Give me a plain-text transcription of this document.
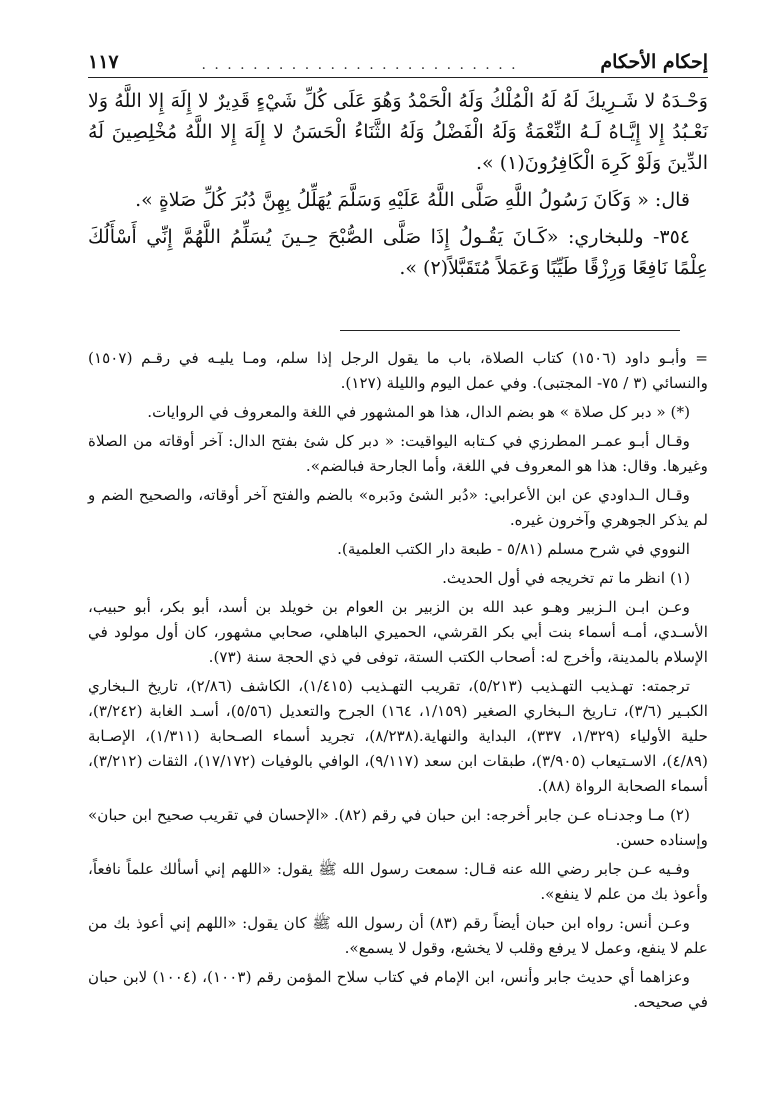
إحكام الأحكام
. . . . . . . . . . . . . . . . . . . . . . . . .
١١٧

وَحْـدَهُ لا شَـرِيكَ لَهُ لَهُ الْمُلْكُ وَلَهُ الْحَمْدُ وَهُوَ عَلَى كُلِّ شَيْءٍ قَدِيرٌ لا إِلَهَ إِلا اللَّهُ وَلا نَعْـبُدُ إِلا إِيَّـاهُ لَـهُ النِّعْمَةُ وَلَهُ الْفَضْلُ وَلَهُ الثَّنَاءُ الْحَسَنُ لا إِلَهَ إِلا اللَّهُ مُخْلِصِينَ لَهُ الدِّينَ وَلَوْ كَرِهَ الْكَافِرُونَ(١) ».

قال: « وَكَانَ رَسُولُ اللَّهِ صَلَّى اللَّهُ عَلَيْهِ وَسَلَّمَ يُهَلِّلُ بِهِنَّ دُبُرَ كُلِّ صَلاةٍ ».

٣٥٤- وللبخاري: «كَـانَ يَقُـولُ إِذَا صَلَّى الصُّبْحَ حِـينَ يُسَلِّمُ اللَّهُمَّ إِنِّي أَسْأَلُكَ عِلْمًا نَافِعًا وَرِزْقًا طَيِّبًا وَعَمَلاً مُتَقَبَّلاً(٢) ».

= وأبـو داود (١٥٠٦) كتاب الصلاة، باب ما يقول الرجل إذا سلم، ومـا يليـه في رقـم (١٥٠٧) والنسائي (٣ / ٧٥- المجتبى). وفي عمل اليوم والليلة (١٢٧).

(*) « دبر كل صلاة » هو بضم الدال، هذا هو المشهور في اللغة والمعروف في الروايات.

وقـال أبـو عمـر المطرزي في كـتابه اليواقيت: « دبر كل شئ بفتح الدال: آخر أوقاته من الصلاة وغيرها. وقال: هذا هو المعروف في اللغة، وأما الجارحة فبالضم».

وقـال الـداودي عن ابن الأعرابي: «دُبر الشئ ودَبره» بالضم والفتح آخر أوقاته، والصحيح الضم و لم يذكر الجوهري وآخرون غيره.

النووي في شرح مسلم (٥/٨١ - طبعة دار الكتب العلمية).

(١) انظر ما تم تخريجه في أول الحديث.

وعـن ابـن الـزبير وهـو عبد الله بن الزبير بن العوام بن خويلد بن أسد، أبو بكر، أبو حبيب، الأسـدي، أمـه أسماء بنت أبي بكر القرشي، الحميري الباهلي، صحابي مشهور، كان أول مولود في الإسلام بالمدينة، وأخرج له: أصحاب الكتب الستة، توفى في ذي الحجة سنة (٧٣).

ترجمته: تهـذيب التهـذيب (٥/٢١٣)، تقريب التهـذيب (١/٤١٥)، الكاشف (٢/٨٦)، تاريخ الـبخاري الكبـير (٣/٦)، تـاريخ الـبخاري الصغير (١/١٥٩، ١٦٤) الجرح والتعديل (٥/٥٦)، أسـد الغابة (٣/٢٤٢)، حلية الأولياء (١/٣٢٩، ٣٣٧)، البداية والنهاية.(٨/٢٣٨)، تجريد أسماء الصـحابة (١/٣١١)، الإصـابة (٤/٨٩)، الاسـتيعاب (٣/٩٠٥)، طبقات ابن سعد (٩/١١٧)، الوافي بالوفيات (١٧/١٧٢)، الثقات (٣/٢١٢)، أسماء الصحابة الرواة (٨٨).

(٢) مـا وجدنـاه عـن جابر أخرجه: ابن حبان في رقم (٨٢). «الإحسان في تقريب صحيح ابن حبان» وإسناده حسن.

وفـيه عـن جابر رضي الله عنه قـال: سمعت رسول الله ﷺ يقول: «اللهم إني أسألك علماً نافعاً، وأعوذ بك من علم لا ينفع».

وعـن أنس: رواه ابن حبان أيضاً رقم (٨٣) أن رسول الله ﷺ كان يقول: «اللهم إني أعوذ بك من علم لا ينفع، وعمل لا يرفع وقلب لا يخشع، وقول لا يسمع».

وعزاهما أي حديث جابر وأنس، ابن الإمام في كتاب سلاح المؤمن رقم (١٠٠٣)، (١٠٠٤) لابن حبان في صحيحه.
